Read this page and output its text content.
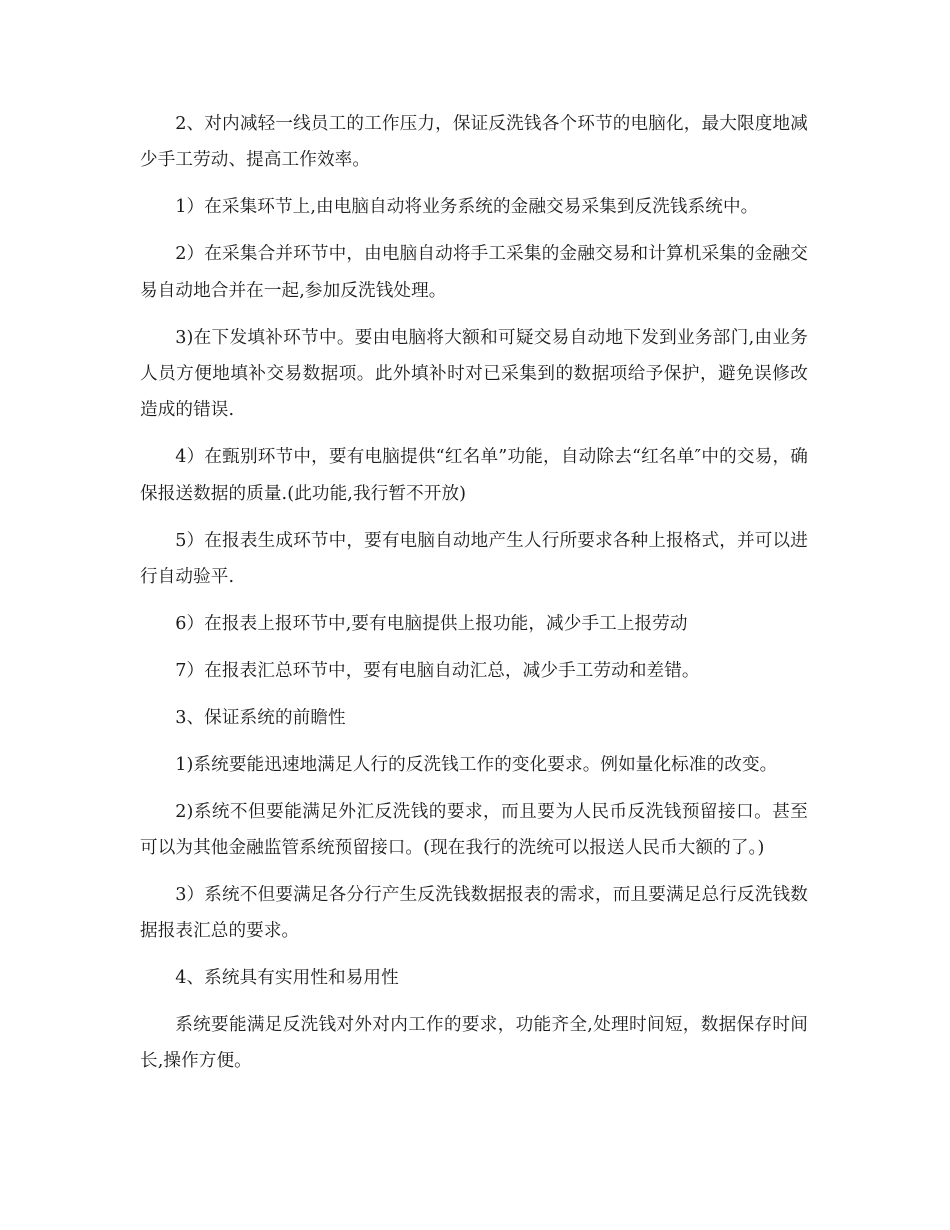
2、对内减轻一线员工的工作压力，保证反洗钱各个环节的电脑化，最大限度地减少手工劳动、提高工作效率。

1）在采集环节上,由电脑自动将业务系统的金融交易采集到反洗钱系统中。

2）在采集合并环节中，由电脑自动将手工采集的金融交易和计算机采集的金融交易自动地合并在一起,参加反洗钱处理。

3)在下发填补环节中。要由电脑将大额和可疑交易自动地下发到业务部门,由业务人员方便地填补交易数据项。此外填补时对已采集到的数据项给予保护，避免误修改造成的错误.

4）在甄别环节中，要有电脑提供“红名单”功能，自动除去“红名单″中的交易，确保报送数据的质量.(此功能,我行暂不开放)

5）在报表生成环节中，要有电脑自动地产生人行所要求各种上报格式，并可以进行自动验平.

6）在报表上报环节中,要有电脑提供上报功能，减少手工上报劳动

7）在报表汇总环节中，要有电脑自动汇总，减少手工劳动和差错。

3、保证系统的前瞻性

1)系统要能迅速地满足人行的反洗钱工作的变化要求。例如量化标准的改变。

2)系统不但要能满足外汇反洗钱的要求，而且要为人民币反洗钱预留接口。甚至可以为其他金融监管系统预留接口。(现在我行的洗统可以报送人民币大额的了。)

3）系统不但要满足各分行产生反洗钱数据报表的需求，而且要满足总行反洗钱数据报表汇总的要求。

4、系统具有实用性和易用性

系统要能满足反洗钱对外对内工作的要求，功能齐全,处理时间短，数据保存时间长,操作方便。
